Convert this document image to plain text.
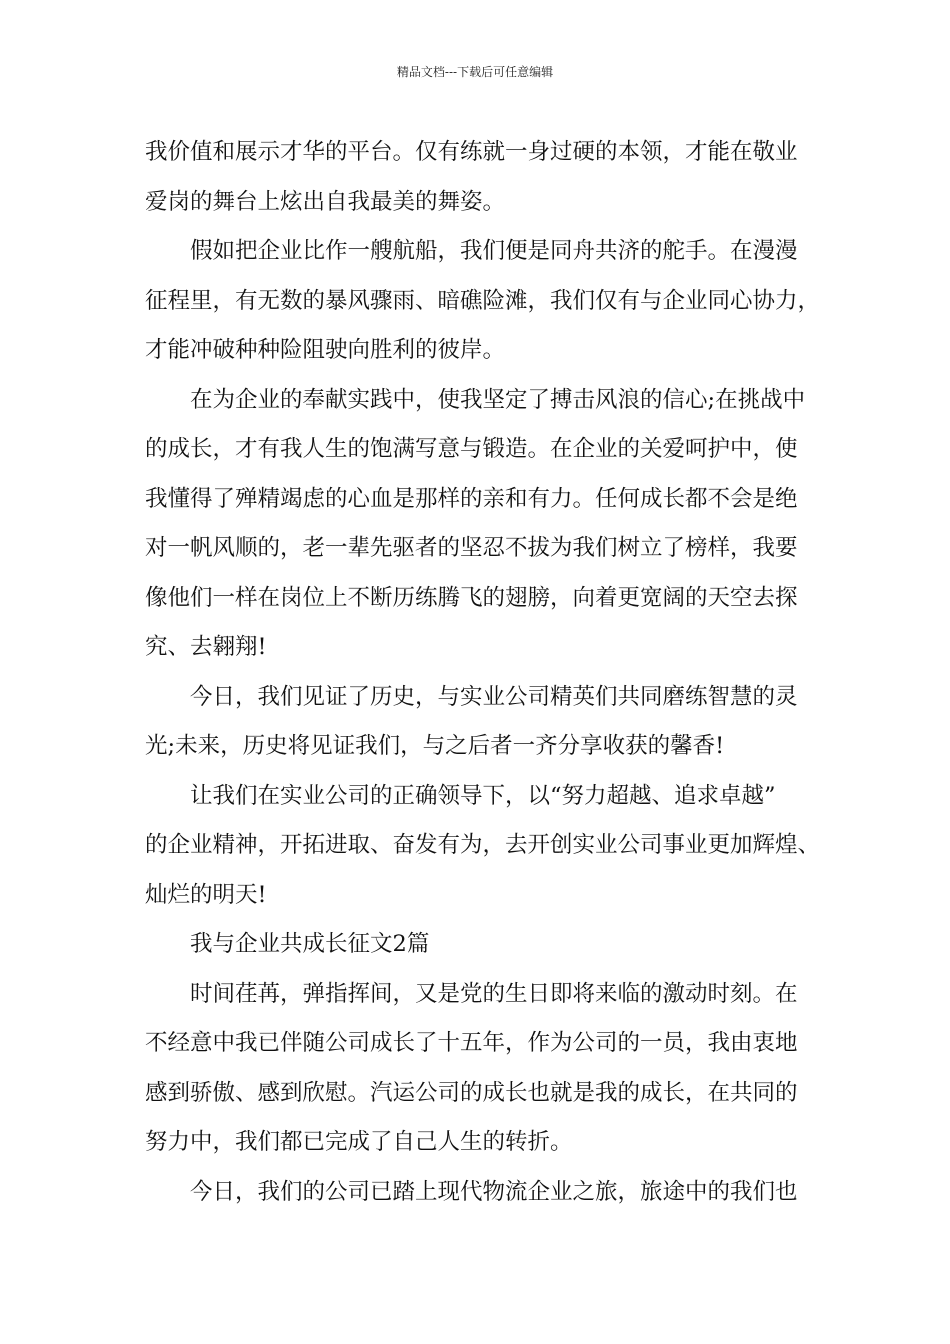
精品文档---下载后可任意编辑
我价值和展示才华的平台。仅有练就一身过硬的本领，才能在敬业
爱岗的舞台上炫出自我最美的舞姿。
假如把企业比作一艘航船，我们便是同舟共济的舵手。在漫漫
征程里，有无数的暴风骤雨、暗礁险滩，我们仅有与企业同心协力，
才能冲破种种险阻驶向胜利的彼岸。
在为企业的奉献实践中，使我坚定了搏击风浪的信心;在挑战中
的成长，才有我人生的饱满写意与锻造。在企业的关爱呵护中，使
我懂得了殚精竭虑的心血是那样的亲和有力。任何成长都不会是绝
对一帆风顺的，老一辈先驱者的坚忍不拔为我们树立了榜样，我要
像他们一样在岗位上不断历练腾飞的翅膀，向着更宽阔的天空去探
究、去翱翔!
今日，我们见证了历史，与实业公司精英们共同磨练智慧的灵
光;未来，历史将见证我们，与之后者一齐分享收获的馨香!
让我们在实业公司的正确领导下，以“努力超越、追求卓越”
的企业精神，开拓进取、奋发有为，去开创实业公司事业更加辉煌、
灿烂的明天!
我与企业共成长征文2篇
时间荏苒，弹指挥间，又是党的生日即将来临的激动时刻。在
不经意中我已伴随公司成长了十五年，作为公司的一员，我由衷地
感到骄傲、感到欣慰。汽运公司的成长也就是我的成长，在共同的
努力中，我们都已完成了自己人生的转折。
今日，我们的公司已踏上现代物流企业之旅，旅途中的我们也
